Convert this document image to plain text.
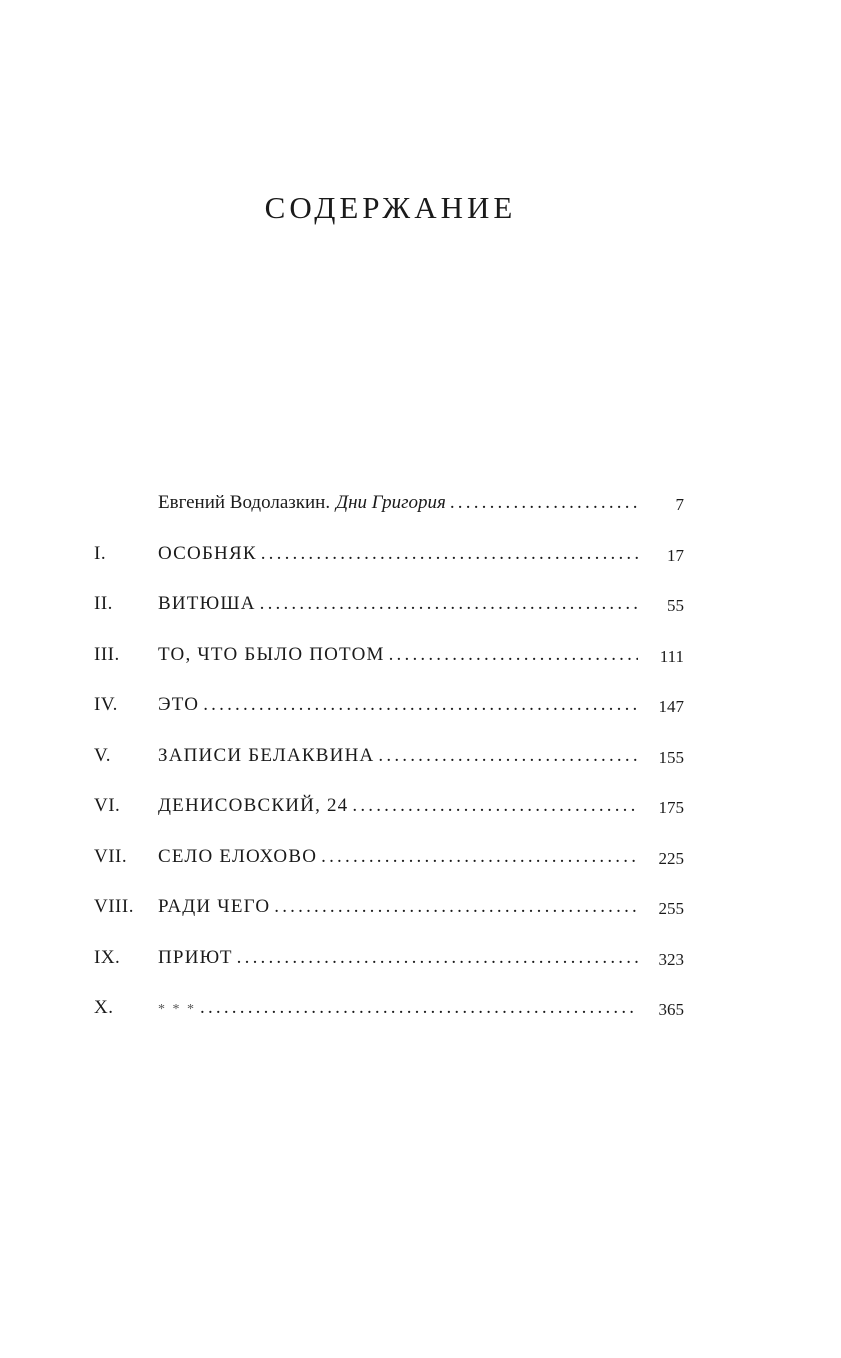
СОДЕРЖАНИЕ
Евгений Водолазкин. Дни Григория .....	7
I.	ОСОБНЯК .....	17
II.	ВИТЮША .....	55
III.	ТО, ЧТО БЫЛО ПОТОМ .....	111
IV.	ЭТО .....	147
V.	ЗАПИСИ БЕЛАКВИНА .....	155
VI.	ДЕНИСОВСКИЙ, 24 .....	175
VII.	СЕЛО ЕЛОХОВО .....	225
VIII.	РАДИ ЧЕГО .....	255
IX.	ПРИЮТ .....	323
X.	* * * .....	365
